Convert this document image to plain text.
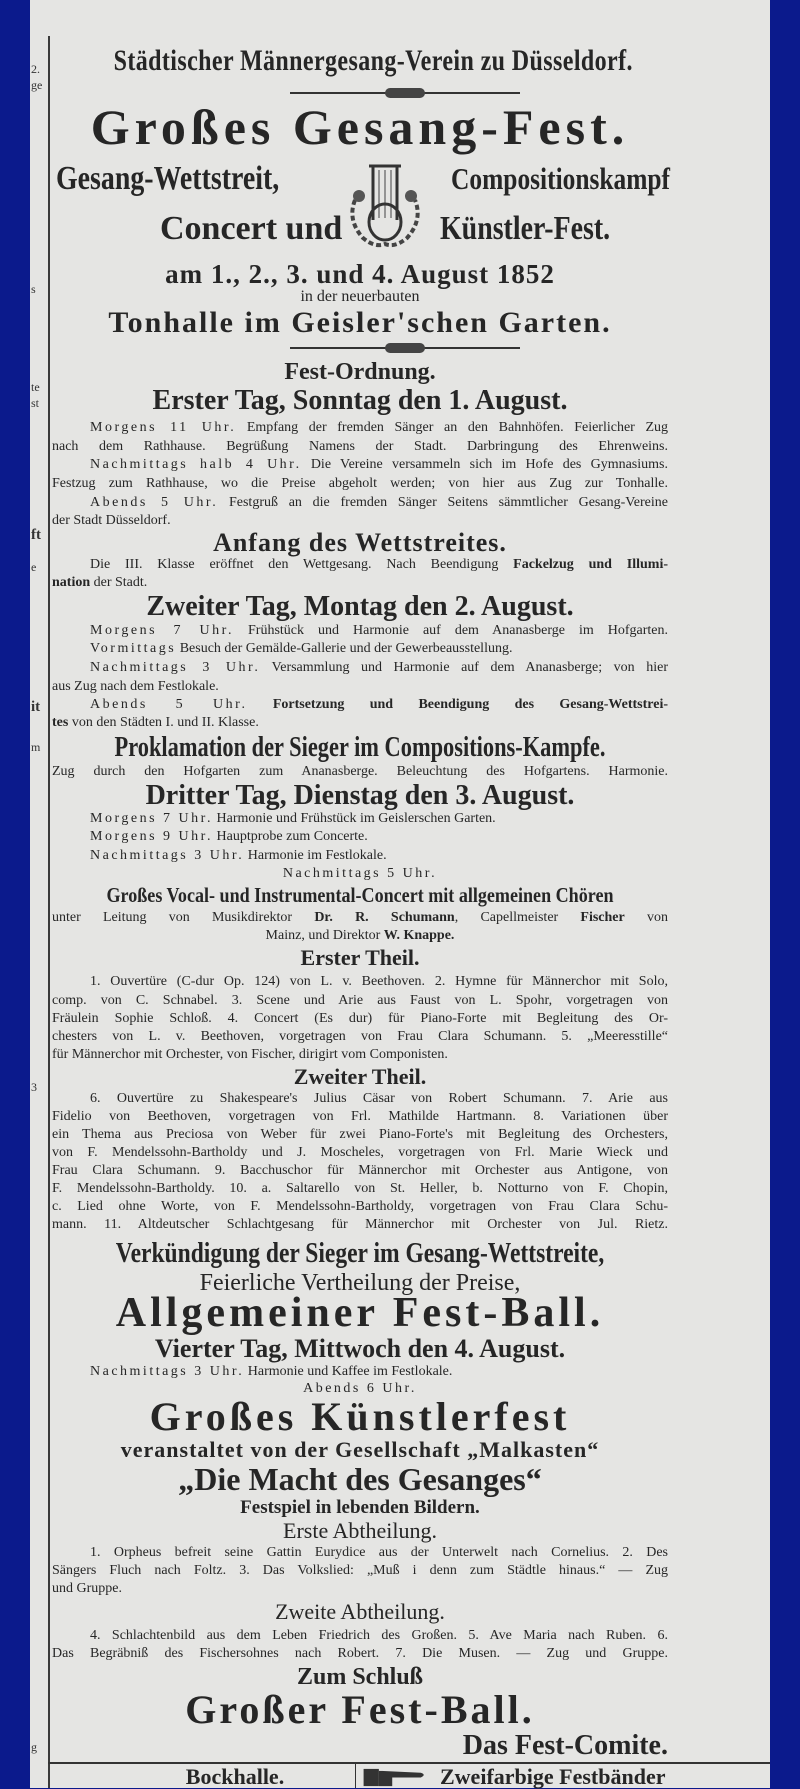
2.
ge
s
te
st
ft
e
it
m
3
g
Städtischer Männergesang-Verein zu Düsseldorf.
Großes Gesang-Fest.
Gesang-Wettstreit,	Compositionskampf
Concert und	Künstler-Fest.
am 1., 2., 3. und 4. August 1852
in der neuerbauten
Tonhalle im Geisler'schen Garten.
Fest-Ordnung.
Erster Tag, Sonntag den 1. August.
Morgens 11 Uhr. Empfang der fremden Sänger an den Bahnhöfen. Feierlicher Zug
nach dem Rathhause. Begrüßung Namens der Stadt. Darbringung des Ehrenweins.
Nachmittags halb 4 Uhr. Die Vereine versammeln sich im Hofe des Gymnasiums.
Festzug zum Rathhause, wo die Preise abgeholt werden; von hier aus Zug zur Tonhalle.
Abends 5 Uhr. Festgruß an die fremden Sänger Seitens sämmtlicher Gesang-Vereine
der Stadt Düsseldorf.
Anfang des Wettstreites.
Die III. Klasse eröffnet den Wettgesang. Nach Beendigung Fackelzug und Illumi-
nation der Stadt.
Zweiter Tag, Montag den 2. August.
Morgens 7 Uhr. Frühstück und Harmonie auf dem Ananasberge im Hofgarten.
Vormittags Besuch der Gemälde-Gallerie und der Gewerbeausstellung.
Nachmittags 3 Uhr. Versammlung und Harmonie auf dem Ananasberge; von hier
aus Zug nach dem Festlokale.
Abends 5 Uhr. Fortsetzung und Beendigung des Gesang-Wettstrei-
tes von den Städten I. und II. Klasse.
Proklamation der Sieger im Compositions-Kampfe.
Zug durch den Hofgarten zum Ananasberge. Beleuchtung des Hofgartens. Harmonie.
Dritter Tag, Dienstag den 3. August.
Morgens 7 Uhr. Harmonie und Frühstück im Geislerschen Garten.
Morgens 9 Uhr. Hauptprobe zum Concerte.
Nachmittags 3 Uhr. Harmonie im Festlokale.
Nachmittags 5 Uhr.
Großes Vocal- und Instrumental-Concert mit allgemeinen Chören
unter Leitung von Musikdirektor Dr. R. Schumann, Capellmeister Fischer von
Mainz, und Direktor W. Knappe.
Erster Theil.
1. Ouvertüre (C-dur Op. 124) von L. v. Beethoven. 2. Hymne für Männerchor mit Solo,
comp. von C. Schnabel. 3. Scene und Arie aus Faust von L. Spohr, vorgetragen von
Fräulein Sophie Schloß. 4. Concert (Es dur) für Piano-Forte mit Begleitung des Or-
chesters von L. v. Beethoven, vorgetragen von Frau Clara Schumann. 5. „Meeresstille“
für Männerchor mit Orchester, von Fischer, dirigirt vom Componisten.
Zweiter Theil.
6. Ouvertüre zu Shakespeare's Julius Cäsar von Robert Schumann. 7. Arie aus
Fidelio von Beethoven, vorgetragen von Frl. Mathilde Hartmann. 8. Variationen über
ein Thema aus Preciosa von Weber für zwei Piano-Forte's mit Begleitung des Orchesters,
von F. Mendelssohn-Bartholdy und J. Moscheles, vorgetragen von Frl. Marie Wieck und
Frau Clara Schumann. 9. Bacchuschor für Männerchor mit Orchester aus Antigone, von
F. Mendelssohn-Bartholdy. 10. a. Saltarello von St. Heller, b. Notturno von F. Chopin,
c. Lied ohne Worte, von F. Mendelssohn-Bartholdy, vorgetragen von Frau Clara Schu-
mann. 11. Altdeutscher Schlachtgesang für Männerchor mit Orchester von Jul. Rietz.
Verkündigung der Sieger im Gesang-Wettstreite,
Feierliche Vertheilung der Preise,
Allgemeiner Fest-Ball.
Vierter Tag, Mittwoch den 4. August.
Nachmittags 3 Uhr. Harmonie und Kaffee im Festlokale.
Abends 6 Uhr.
Großes Künstlerfest
veranstaltet von der Gesellschaft „Malkasten“
„Die Macht des Gesanges“
Festspiel in lebenden Bildern.
Erste Abtheilung.
1. Orpheus befreit seine Gattin Eurydice aus der Unterwelt nach Cornelius. 2. Des
Sängers Fluch nach Foltz. 3. Das Volkslied: „Muß i denn zum Städtle hinaus.“ — Zug
und Gruppe.
Zweite Abtheilung.
4. Schlachtenbild aus dem Leben Friedrich des Großen. 5. Ave Maria nach Ruben. 6.
Das Begräbniß des Fischersohnes nach Robert. 7. Die Musen. — Zug und Gruppe.
Zum Schluß
Großer Fest-Ball.
Das Fest-Comite.
Bockhalle.	Zweifarbige Festbänder
